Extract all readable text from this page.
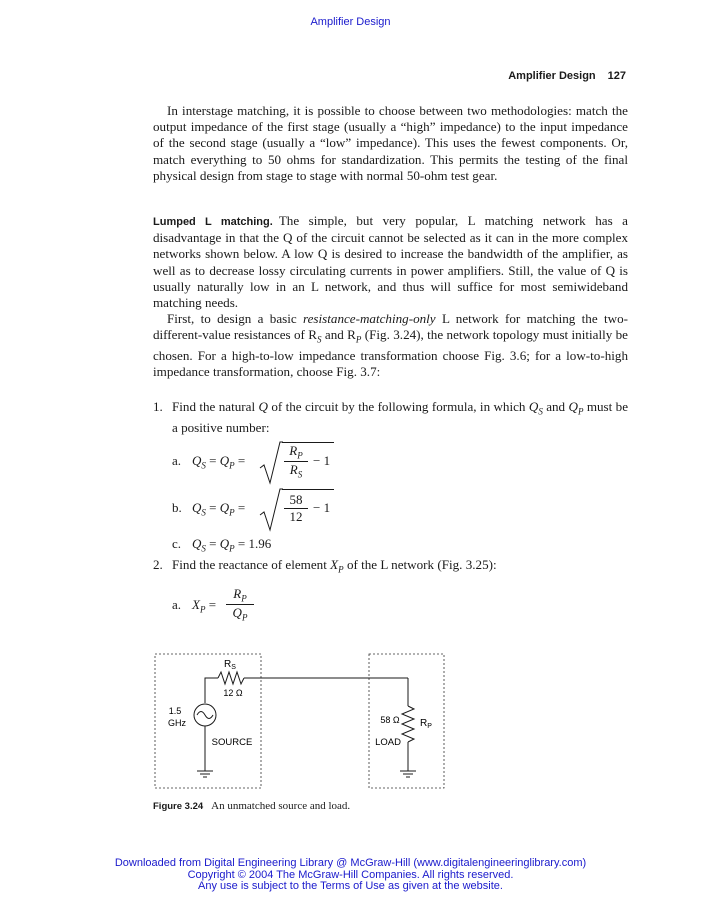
Amplifier Design
Amplifier Design 127

In interstage matching, it is possible to choose between two methodologies: match the output impedance of the first stage (usually a “high” impedance) to the input impedance of the second stage (usually a “low” impedance). This uses the fewest components. Or, match everything to 50 ohms for standardization. This permits the testing of the final physical design from stage to stage with normal 50-ohm test gear.

Lumped L matching. The simple, but very popular, L matching network has a disadvantage in that the Q of the circuit cannot be selected as it can in the more complex networks shown below. A low Q is desired to increase the bandwidth of the amplifier, as well as to decrease lossy circulating currents in power amplifiers. Still, the value of Q is usually naturally low in an L network, and thus will suffice for most semiwideband matching needs.

First, to design a basic resistance-matching-only L network for matching the two-different-value resistances of $R_S$ and $R_P$ (Fig. 3.24), the network topology must initially be chosen. For a high-to-low impedance transformation choose Fig. 3.6; for a low-to-high impedance transformation, choose Fig. 3.7:

1. Find the natural Q of the circuit by the following formula, in which $Q_S$ and $Q_P$ must be a positive number:
a. $Q_S = Q_P$ =
$R_P$
$R_S$
− 1
b. $Q_S = Q_P$ =
58
12
− 1
c. $Q_S = Q_P = 1.96$
2. Find the reactance of element $X_P$ of the L network (Fig. 3.25):
a. $X_P$ =
$R_P$
$Q_P$
$R_S$
12 Ω
1.5
GHz
SOURCE
58 Ω $R_P$
LOAD
Figure 3.24 An unmatched source and load.
Downloaded from Digital Engineering Library @ McGraw-Hill (www.digitalengineeringlibrary.com)
Copyright © 2004 The McGraw-Hill Companies. All rights reserved.
Any use is subject to the Terms of Use as given at the website.
